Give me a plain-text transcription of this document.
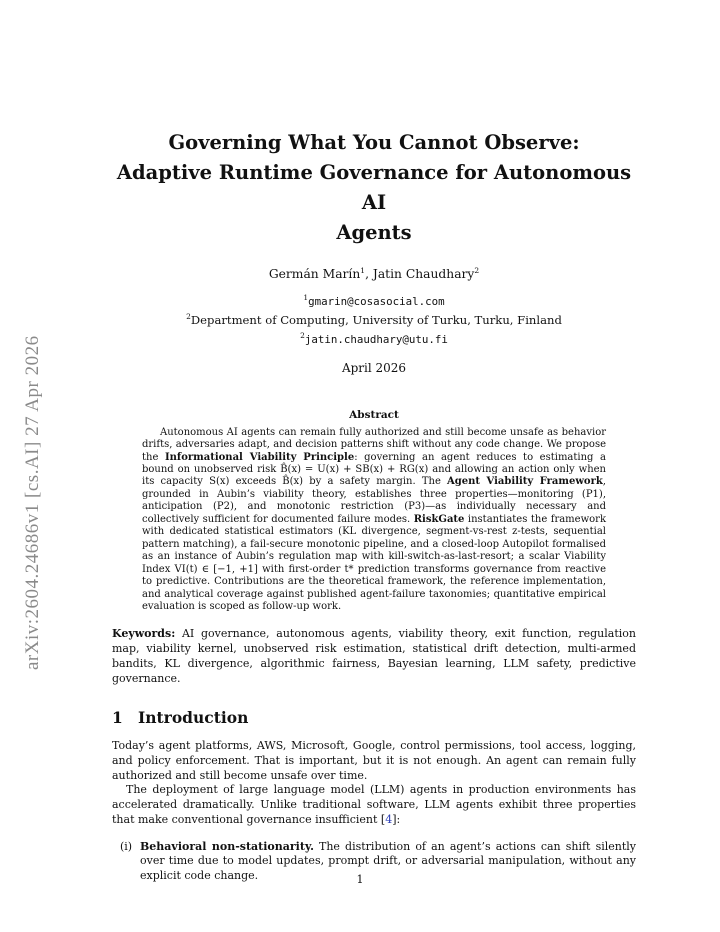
arXiv:2604.24686v1 [cs.AI] 27 Apr 2026

Governing What You Cannot Observe:

Adaptive Runtime Governance for Autonomous AI

Agents

Germán Marín$^1$, Jatin Chaudhary$^2$
$^1$gmarin@cosasocial.com
$^2$Department of Computing, University of Turku, Turku, Finland
$^2$jatin.chaudhary@utu.fi
April 2026
Abstract

Autonomous AI agents can remain fully authorized and still become unsafe as behavior drifts, adversaries adapt, and decision patterns shift without any code change. We propose the Informational Viability Principle: governing an agent reduces to estimating a bound on unobserved risk B̂(x) = U(x) + SB(x) + RG(x) and allowing an action only when its capacity S(x) exceeds B̂(x) by a safety margin. The Agent Viability Framework, grounded in Aubin’s viability theory, establishes three properties—monitoring (P1), anticipation (P2), and monotonic restriction (P3)—as individually necessary and collectively sufficient for documented failure modes. RiskGate instantiates the framework with dedicated statistical estimators (KL divergence, segment-vs-rest z-tests, sequential pattern matching), a fail-secure monotonic pipeline, and a closed-loop Autopilot formalised as an instance of Aubin’s regulation map with kill-switch-as-last-resort; a scalar Viability Index VI(t) ∈ [−1, +1] with first-order t* prediction transforms governance from reactive to predictive. Contributions are the theoretical framework, the reference implementation, and analytical coverage against published agent-failure taxonomies; quantitative empirical evaluation is scoped as follow-up work.

Keywords: AI governance, autonomous agents, viability theory, exit function, regulation map, viability kernel, unobserved risk estimation, statistical drift detection, multi-armed bandits, KL divergence, algorithmic fairness, Bayesian learning, LLM safety, predictive governance.
1 Introduction

Today’s agent platforms, AWS, Microsoft, Google, control permissions, tool access, logging, and policy enforcement. That is important, but it is not enough. An agent can remain fully authorized and still become unsafe over time.

The deployment of large language model (LLM) agents in production environments has accelerated dramatically. Unlike traditional software, LLM agents exhibit three properties that make conventional governance insufficient [4]:

(i) Behavioral non-stationarity. The distribution of an agent’s actions can shift silently over time due to model updates, prompt drift, or adversarial manipulation, without any explicit code change.	1
